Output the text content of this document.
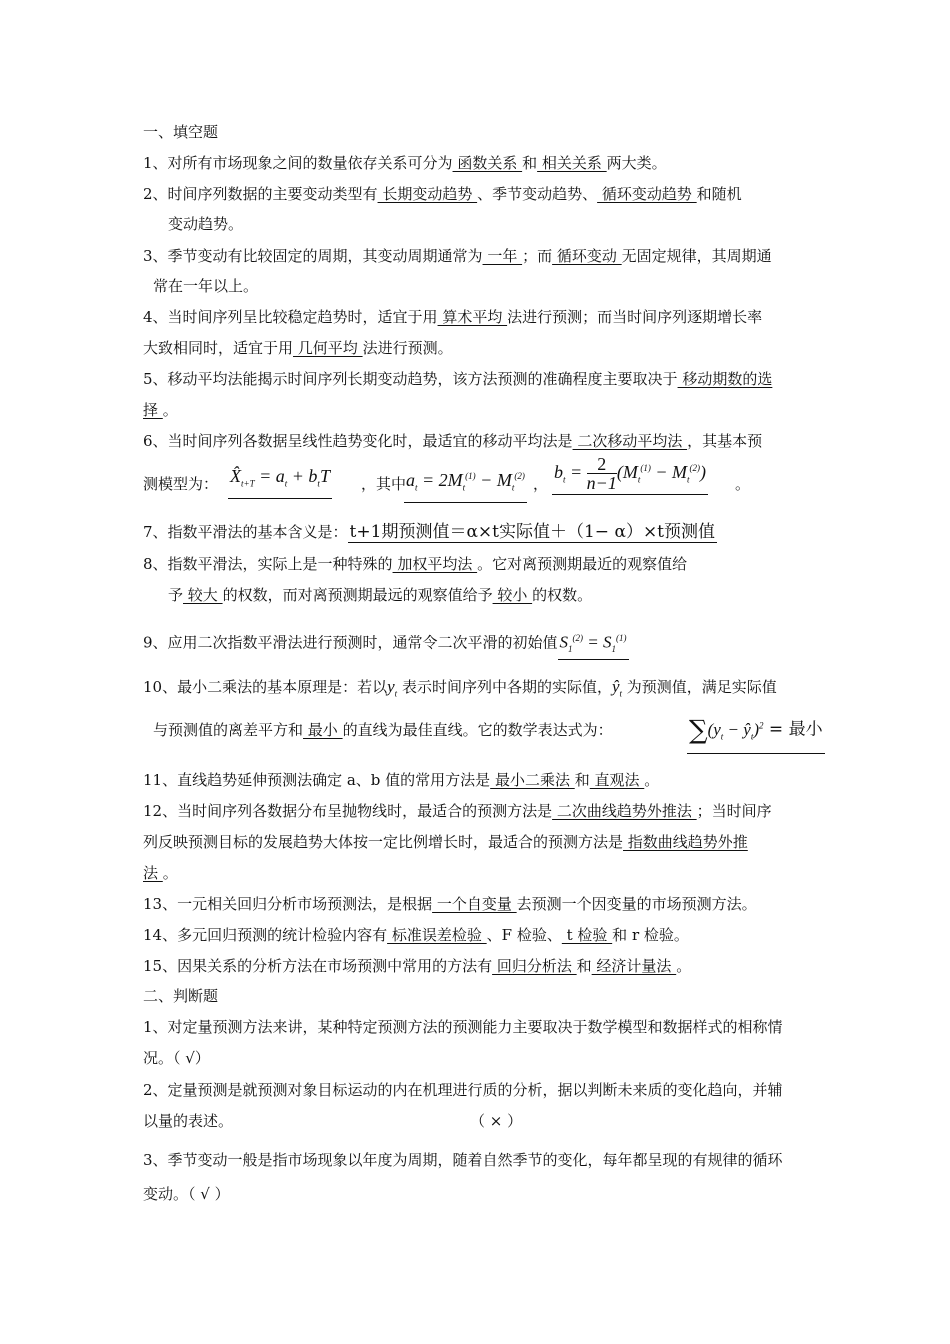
一、填空题
1、对所有市场现象之间的数量依存关系可分为 函数关系 和 相关关系 两大类。
2、时间序列数据的主要变动类型有 长期变动趋势 、季节变动趋势、 循环变动趋势 和随机
变动趋势。
3、季节变动有比较固定的周期，其变动周期通常为 一年 ；而 循环变动 无固定规律，其周期通
常在一年以上。
4、当时间序列呈比较稳定趋势时，适宜于用 算术平均 法进行预测；而当时间序列逐期增长率
大致相同时，适宜于用 几何平均 法进行预测。
5、移动平均法能揭示时间序列长期变动趋势，该方法预测的准确程度主要取决于 移动期数的选
择 。
6、当时间序列各数据呈线性趋势变化时，最适宜的移动平均法是 二次移动平均法 ，其基本预
测模型为： $X̂_{t+T} = a_t + b_tT$ ，其中 $a_t = 2M_t^{(1)} - M_t^{(2)}$ ，
$b_t = \frac{2}{n-1} (M_t^{(1)} - M_t^{(2)})$
。
7、指数平滑法的基本含义是： t+1期预测值＝α×t实际值＋（1− α）×t预测值
8、指数平滑法，实际上是一种特殊的 加权平均法 。它对离预测期最近的观察值给
予 较大 的权数，而对离预测期最远的观察值给予 较小 的权数。
9、应用二次指数平滑法进行预测时，通常令二次平滑的初始值 $S_1^{(2)} = S_1^{(1)}$
10、最小二乘法的基本原理是：若以$y_t$ 表示时间序列中各期的实际值，$ŷ_t$ 为预测值，满足实际值
与预测值的离差平方和 最小 的直线为最佳直线。它的数学表达式为：	$\sum(y_t$ − $ŷ_t)^2$ = 最小
11、直线趋势延伸预测法确定 a、b 值的常用方法是 最小二乘法 和 直观法 。
12、当时间序列各数据分布呈抛物线时，最适合的预测方法是 二次曲线趋势外推法 ；当时间序
列反映预测目标的发展趋势大体按一定比例增长时，最适合的预测方法是 指数曲线趋势外推
法 。
13、一元相关回归分析市场预测法，是根据 一个自变量 去预测一个因变量的市场预测方法。
14、多元回归预测的统计检验内容有 标准误差检验 、F 检验、 t 检验 和 r 检验。
15、因果关系的分析方法在市场预测中常用的方法有 回归分析法 和 经济计量法 。
二、判断题
1、对定量预测方法来讲，某种特定预测方法的预测能力主要取决于数学模型和数据样式的相称情
况。（ √）
2、定量预测是就预测对象目标运动的内在机理进行质的分析，据以判断未来质的变化趋向，并辅
以量的表述。	（ × ）
3、季节变动一般是指市场现象以年度为周期，随着自然季节的变化，每年都呈现的有规律的循环
变动。（ √ ）
